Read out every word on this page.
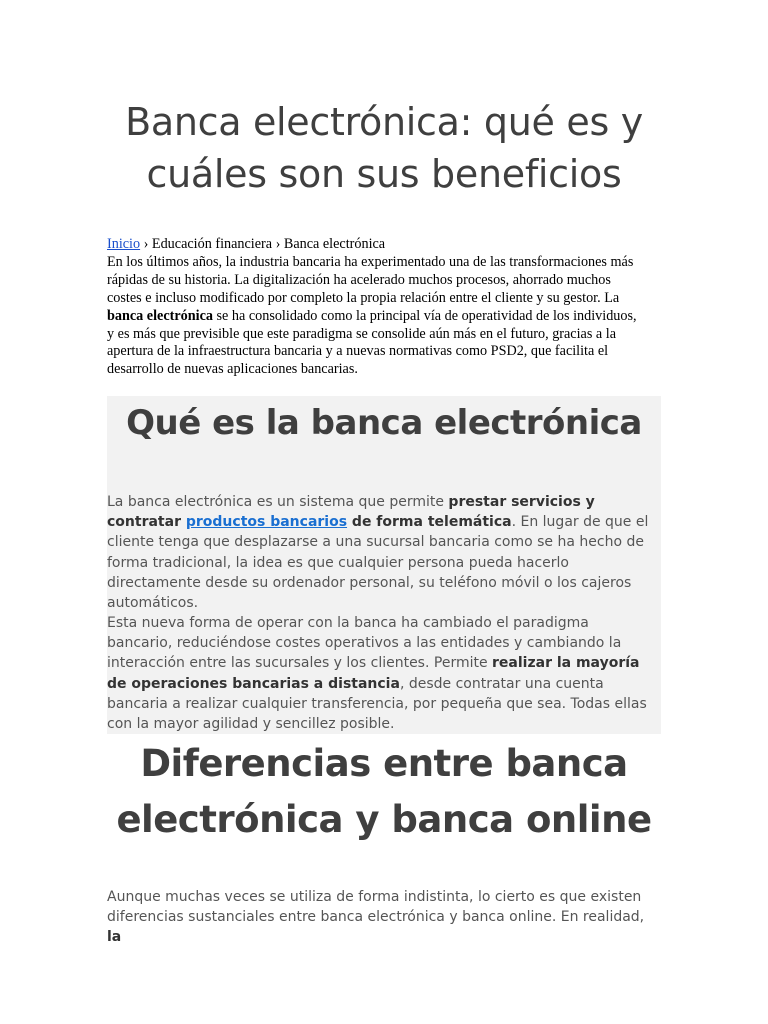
Banca electrónica: qué es y cuáles son sus beneficios
Inicio › Educación financiera › Banca electrónica

En los últimos años, la industria bancaria ha experimentado una de las transformaciones más rápidas de su historia. La digitalización ha acelerado muchos procesos, ahorrado muchos costes e incluso modificado por completo la propia relación entre el cliente y su gestor. La banca electrónica se ha consolidado como la principal vía de operatividad de los individuos, y es más que previsible que este paradigma se consolide aún más en el futuro, gracias a la apertura de la infraestructura bancaria y a nuevas normativas como PSD2, que facilita el desarrollo de nuevas aplicaciones bancarias.

Qué es la banca electrónica

La banca electrónica es un sistema que permite prestar servicios y contratar productos bancarios de forma telemática. En lugar de que el cliente tenga que desplazarse a una sucursal bancaria como se ha hecho de forma tradicional, la idea es que cualquier persona pueda hacerlo directamente desde su ordenador personal, su teléfono móvil o los cajeros automáticos.

Esta nueva forma de operar con la banca ha cambiado el paradigma bancario, reduciéndose costes operativos a las entidades y cambiando la interacción entre las sucursales y los clientes. Permite realizar la mayoría de operaciones bancarias a distancia, desde contratar una cuenta bancaria a realizar cualquier transferencia, por pequeña que sea. Todas ellas con la mayor agilidad y sencillez posible.

Diferencias entre banca electrónica y banca online

Aunque muchas veces se utiliza de forma indistinta, lo cierto es que existen diferencias sustanciales entre banca electrónica y banca online. En realidad, la
